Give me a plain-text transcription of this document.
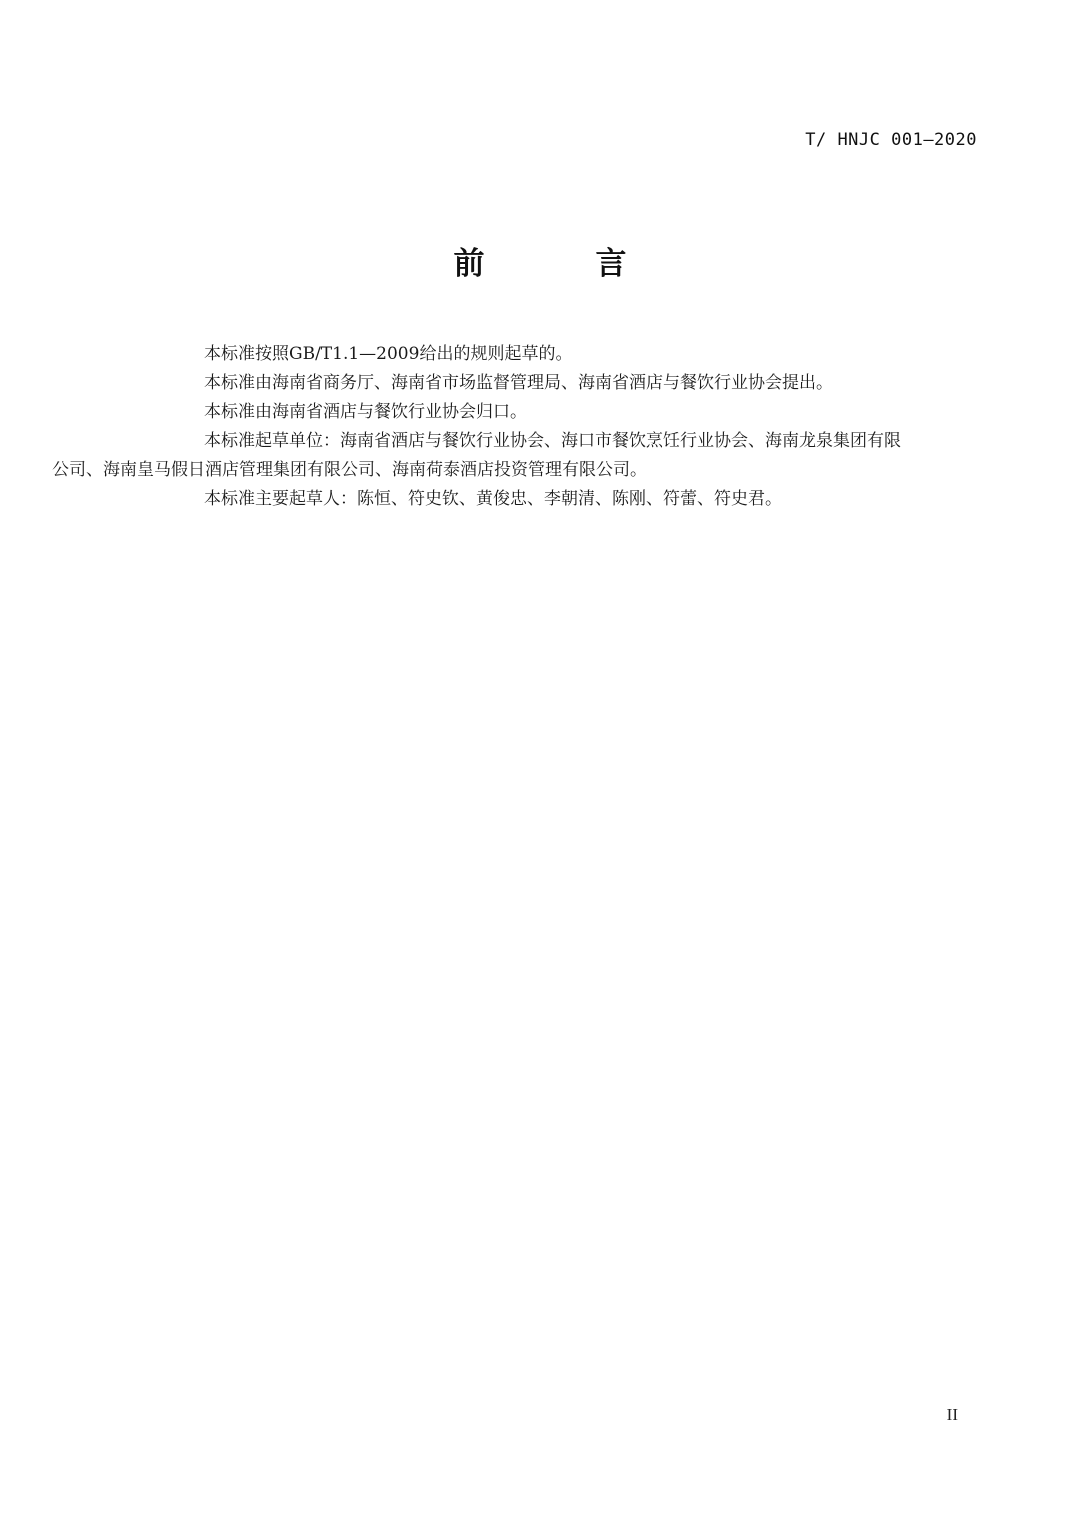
T/ HNJC 001—2020
前　言

本标准按照GB/T1.1—2009给出的规则起草的。

本标准由海南省商务厅、海南省市场监督管理局、海南省酒店与餐饮行业协会提出。

本标准由海南省酒店与餐饮行业协会归口。

本标准起草单位：海南省酒店与餐饮行业协会、海口市餐饮烹饪行业协会、海南龙泉集团有限
公司、海南皇马假日酒店管理集团有限公司、海南荷泰酒店投资管理有限公司。

本标准主要起草人：陈恒、符史钦、黄俊忠、李朝清、陈刚、符蕾、符史君。

II
